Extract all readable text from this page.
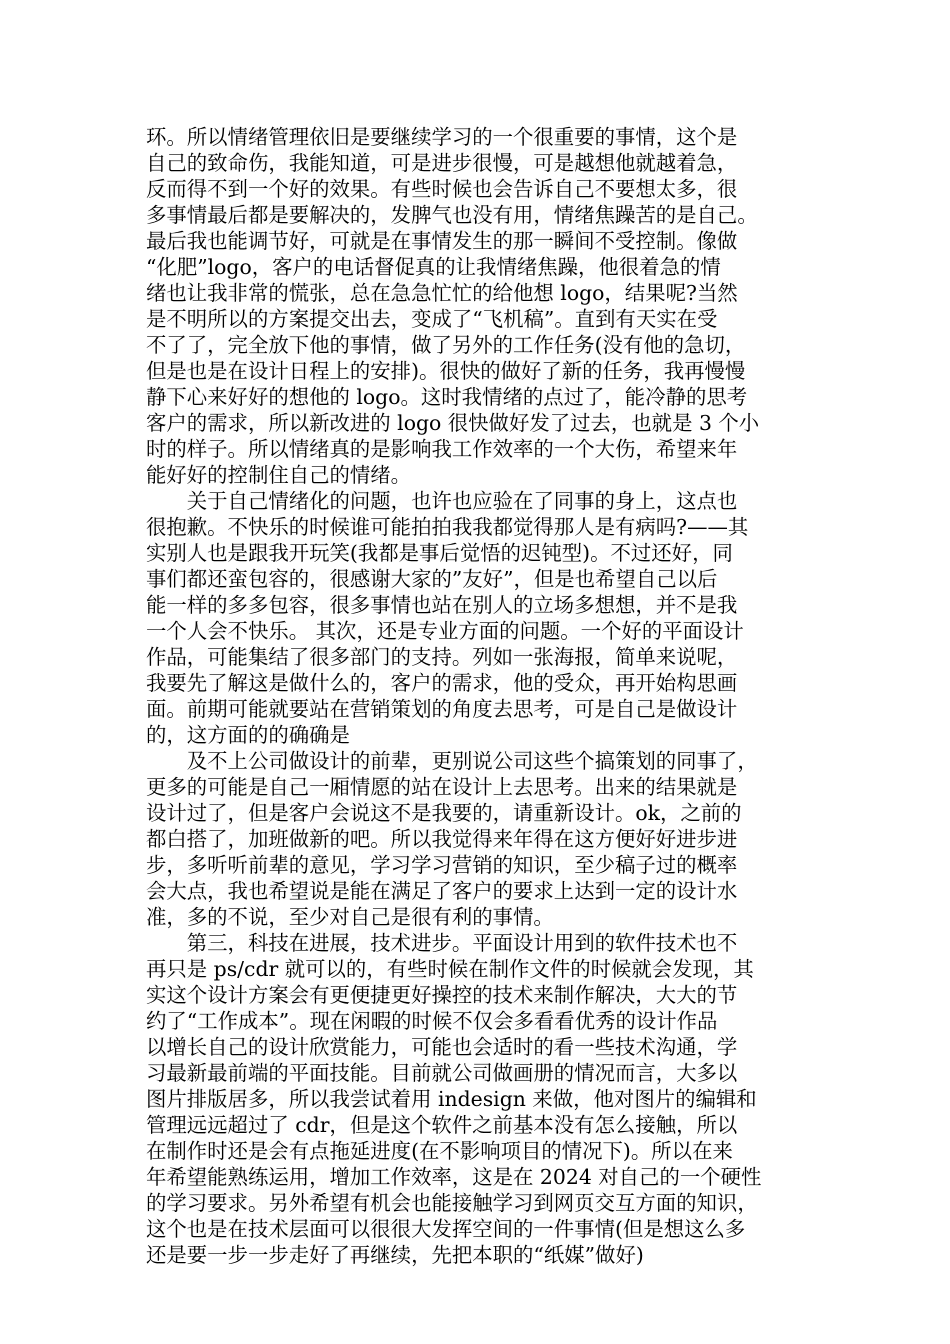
环。所以情绪管理依旧是要继续学习的一个很重要的事情，这个是
自己的致命伤，我能知道，可是进步很慢，可是越想他就越着急，
反而得不到一个好的效果。有些时候也会告诉自己不要想太多，很
多事情最后都是要解决的，发脾气也没有用，情绪焦躁苦的是自己。
最后我也能调节好，可就是在事情发生的那一瞬间不受控制。像做
“化肥”logo，客户的电话督促真的让我情绪焦躁，他很着急的情
绪也让我非常的慌张，总在急急忙忙的给他想 logo，结果呢?当然
是不明所以的方案提交出去，变成了“飞机稿”。直到有天实在受
不了了，完全放下他的事情，做了另外的工作任务(没有他的急切，
但是也是在设计日程上的安排)。很快的做好了新的任务，我再慢慢
静下心来好好的想他的 logo。这时我情绪的点过了，能冷静的思考
客户的需求，所以新改进的 logo 很快做好发了过去，也就是 3 个小
时的样子。所以情绪真的是影响我工作效率的一个大伤，希望来年
能好好的控制住自己的情绪。
　　关于自己情绪化的问题，也许也应验在了同事的身上，这点也
很抱歉。不快乐的时候谁可能拍拍我我都觉得那人是有病吗?——其
实别人也是跟我开玩笑(我都是事后觉悟的迟钝型)。不过还好，同
事们都还蛮包容的，很感谢大家的”友好”，但是也希望自己以后
能一样的多多包容，很多事情也站在别人的立场多想想，并不是我
一个人会不快乐。 其次，还是专业方面的问题。一个好的平面设计
作品，可能集结了很多部门的支持。列如一张海报，简单来说呢，
我要先了解这是做什么的，客户的需求，他的受众，再开始构思画
面。前期可能就要站在营销策划的角度去思考，可是自己是做设计
的，这方面的的确确是
　　及不上公司做设计的前辈，更别说公司这些个搞策划的同事了，
更多的可能是自己一厢情愿的站在设计上去思考。出来的结果就是
设计过了，但是客户会说这不是我要的，请重新设计。ok，之前的
都白搭了，加班做新的吧。所以我觉得来年得在这方便好好进步进
步，多听听前辈的意见，学习学习营销的知识，至少稿子过的概率
会大点，我也希望说是能在满足了客户的要求上达到一定的设计水
准，多的不说，至少对自己是很有利的事情。
　　第三，科技在进展，技术进步。平面设计用到的软件技术也不
再只是 ps/cdr 就可以的，有些时候在制作文件的时候就会发现，其
实这个设计方案会有更便捷更好操控的技术来制作解决，大大的节
约了“工作成本”。现在闲暇的时候不仅会多看看优秀的设计作品
以增长自己的设计欣赏能力，可能也会适时的看一些技术沟通，学
习最新最前端的平面技能。目前就公司做画册的情况而言，大多以
图片排版居多，所以我尝试着用 indesign 来做，他对图片的编辑和
管理远远超过了 cdr，但是这个软件之前基本没有怎么接触，所以
在制作时还是会有点拖延进度(在不影响项目的情况下)。所以在来
年希望能熟练运用，增加工作效率，这是在 2024 对自己的一个硬性
的学习要求。另外希望有机会也能接触学习到网页交互方面的知识，
这个也是在技术层面可以很很大发挥空间的一件事情(但是想这么多
还是要一步一步走好了再继续，先把本职的“纸媒”做好)
